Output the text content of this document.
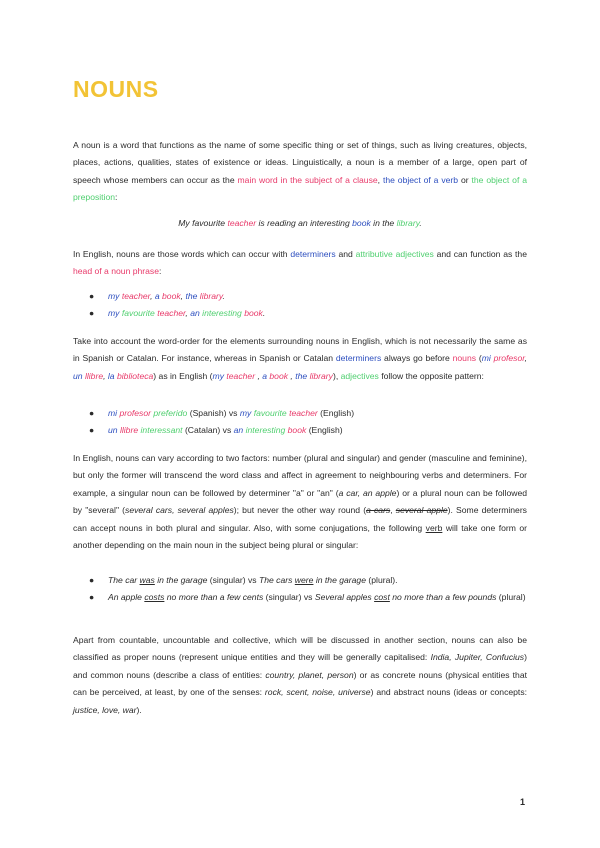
NOUNS

A noun is a word that functions as the name of some specific thing or set of things, such as living creatures, objects, places, actions, qualities, states of existence or ideas. Linguistically, a noun is a member of a large, open part of speech whose members can occur as the main word in the subject of a clause, the object of a verb or the object of a preposition:

My favourite teacher is reading an interesting book in the library.

In English, nouns are those words which can occur with determiners and attributive adjectives and can function as the head of a noun phrase:

● my teacher, a book, the library.
● my favourite teacher, an interesting book.

Take into account the word-order for the elements surrounding nouns in English, which is not necessarily the same as in Spanish or Catalan. For instance, whereas in Spanish or Catalan determiners always go before nouns (mi profesor, un llibre, la biblioteca) as in English (my teacher , a book , the library), adjectives follow the opposite pattern:

● mi profesor preferido (Spanish) vs my favourite teacher (English)
● un llibre interessant (Catalan) vs an interesting book (English)

In English, nouns can vary according to two factors: number (plural and singular) and gender (masculine and feminine), but only the former will transcend the word class and affect in agreement to neighbouring verbs and determiners. For example, a singular noun can be followed by determiner "a" or "an" (a car, an apple) or a plural noun can be followed by "several" (several cars, several apples); but never the other way round (a cars, several apple). Some determiners can accept nouns in both plural and singular. Also, with some conjugations, the following verb will take one form or another depending on the main noun in the subject being plural or singular:

● The car was in the garage (singular) vs The cars were in the garage (plural).
● An apple costs no more than a few cents (singular) vs Several apples cost no more than a few pounds (plural)

Apart from countable, uncountable and collective, which will be discussed in another section, nouns can also be classified as proper nouns (represent unique entities and they will be generally capitalised: India, Jupiter, Confucius) and common nouns (describe a class of entities: country, planet, person) or as concrete nouns (physical entities that can be perceived, at least, by one of the senses: rock, scent, noise, universe) and abstract nouns (ideas or concepts: justice, love, war).

1
